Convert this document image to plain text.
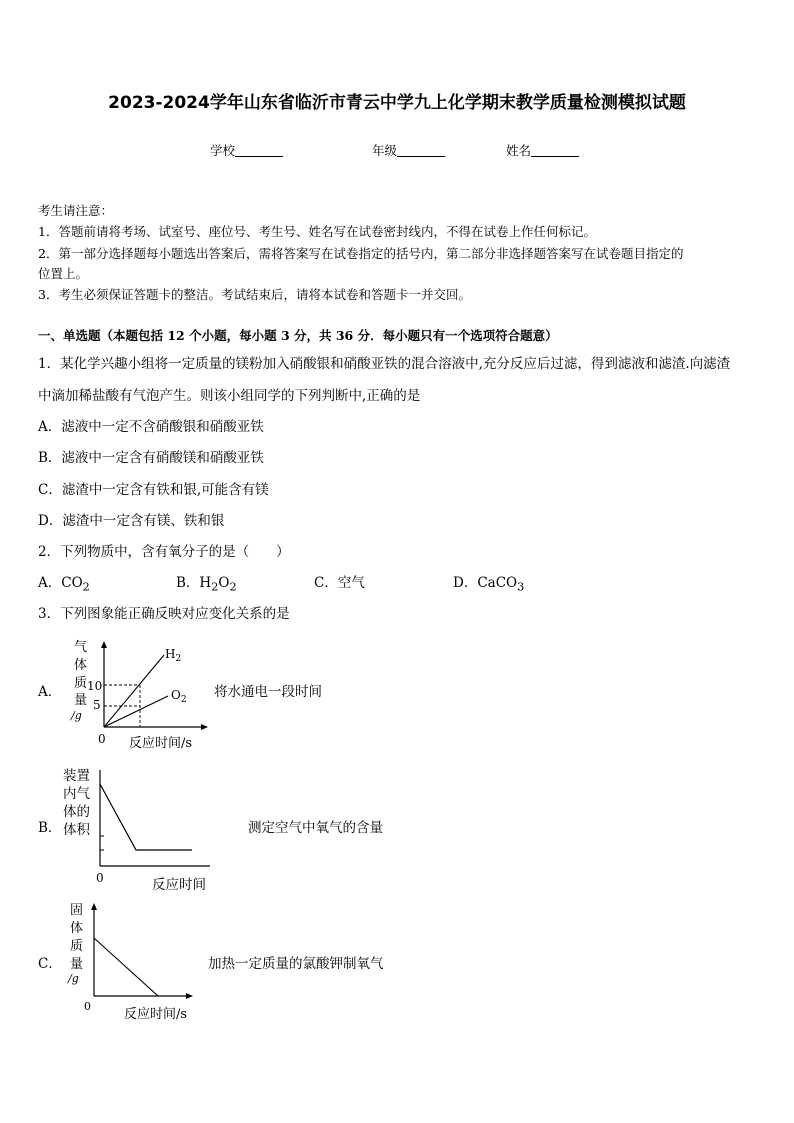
2023-2024学年山东省临沂市青云中学九上化学期末教学质量检测模拟试题
学校	年级	姓名
考生请注意：
1．答题前请将考场、试室号、座位号、考生号、姓名写在试卷密封线内，不得在试卷上作任何标记。
2．第一部分选择题每小题选出答案后，需将答案写在试卷指定的括号内，第二部分非选择题答案写在试卷题目指定的
位置上。
3．考生必须保证答题卡的整洁。考试结束后，请将本试卷和答题卡一并交回。
一、单选题（本题包括 12 个小题，每小题 3 分，共 36 分．每小题只有一个选项符合题意）
1．某化学兴趣小组将一定质量的镁粉加入硝酸银和硝酸亚铁的混合溶液中,充分反应后过滤，得到滤液和滤渣.向滤渣
中滴加稀盐酸有气泡产生。则该小组同学的下列判断中,正确的是
A．滤液中一定不含硝酸银和硝酸亚铁
B．滤液中一定含有硝酸镁和硝酸亚铁
C．滤渣中一定含有铁和银,可能含有镁
D．滤渣中一定含有镁、铁和银
2．下列物质中，含有氧分子的是（　　）
A．$CO_2$	B．$H_2O_2$	C．空气	D．CaCO$_3$
3．下列图象能正确反映对应变化关系的是
A．
气
体
质
量
/g
0
10
5
$H_2$
$O_2$
反应时间/s
将水通电一段时间
B．
装置
内气
体的
体积
0	反应时间
测定空气中氧气的含量
C．
固
体
质
量
/g
0
反应时间/s
加热一定质量的氯酸钾制氧气
